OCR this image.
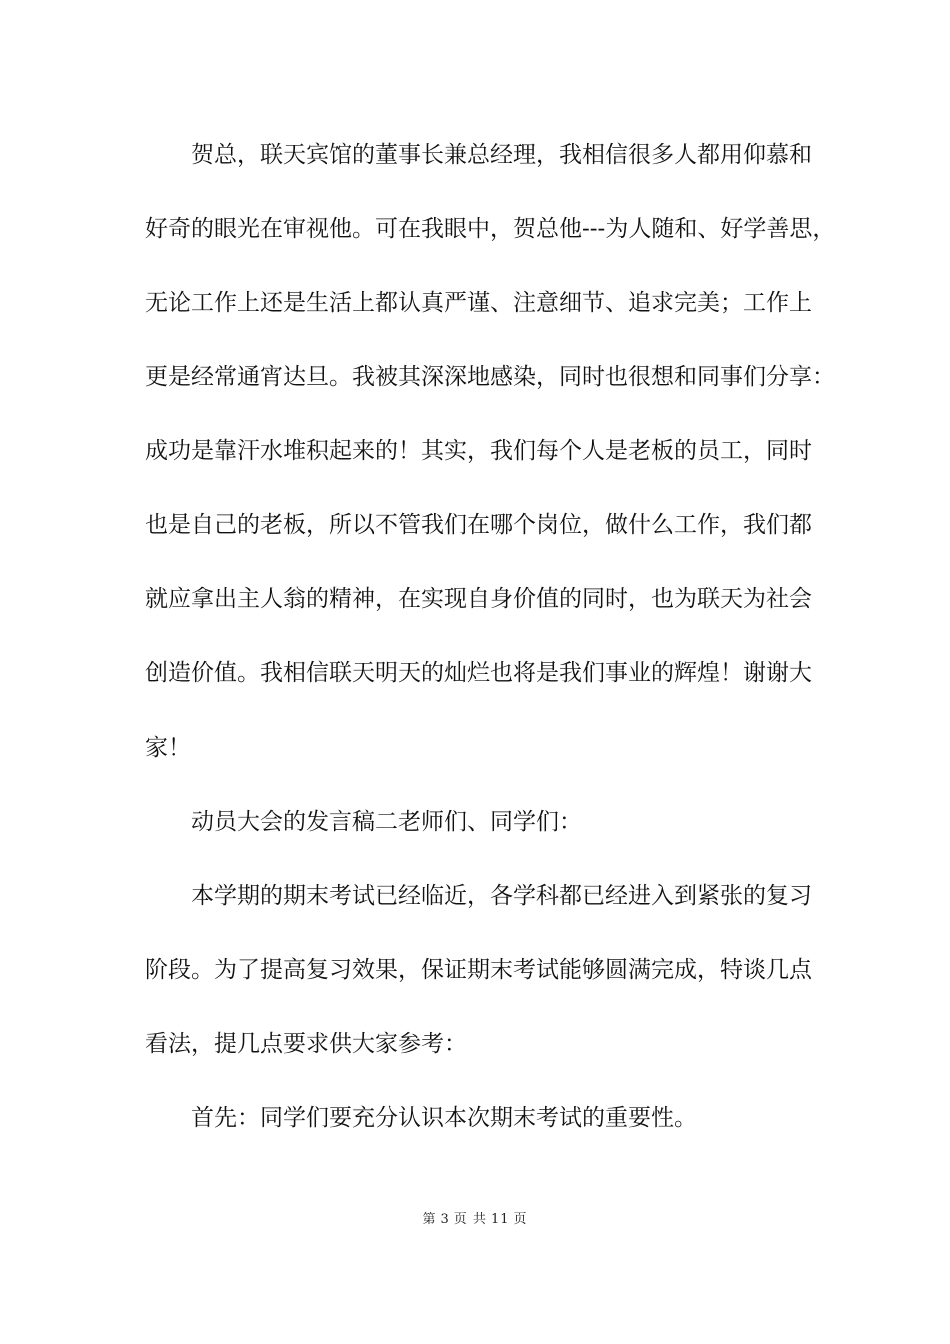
贺总，联天宾馆的董事长兼总经理，我相信很多人都用仰慕和
好奇的眼光在审视他。可在我眼中，贺总他---为人随和、好学善思，
无论工作上还是生活上都认真严谨、注意细节、追求完美；工作上
更是经常通宵达旦。我被其深深地感染，同时也很想和同事们分享：
成功是靠汗水堆积起来的！其实，我们每个人是老板的员工，同时
也是自己的老板，所以不管我们在哪个岗位，做什么工作，我们都
就应拿出主人翁的精神，在实现自身价值的同时，也为联天为社会
创造价值。我相信联天明天的灿烂也将是我们事业的辉煌！谢谢大
家！
动员大会的发言稿二老师们、同学们：
本学期的期末考试已经临近，各学科都已经进入到紧张的复习
阶段。为了提高复习效果，保证期末考试能够圆满完成，特谈几点
看法，提几点要求供大家参考：
首先：同学们要充分认识本次期末考试的重要性。
第 3 页 共 11 页
